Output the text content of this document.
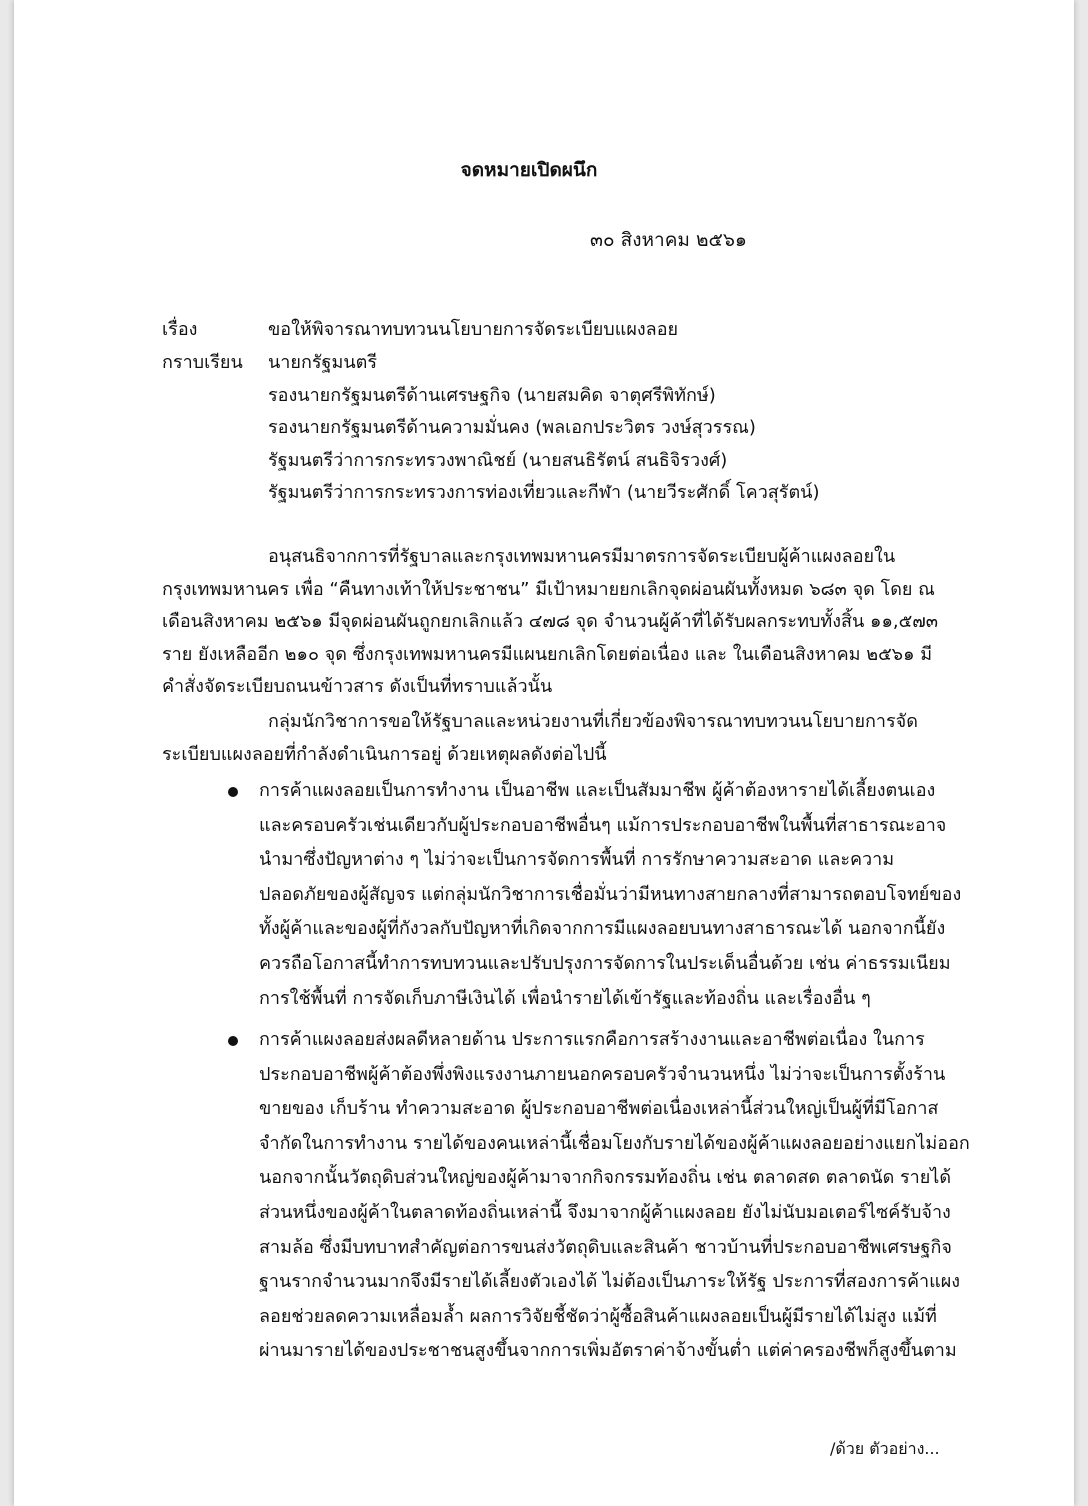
จดหมายเปิดผนึก
๓๐ สิงหาคม ๒๕๖๑
เรื่อง	ขอให้พิจารณาทบทวนนโยบายการจัดระเบียบแผงลอย
กราบเรียน นายกรัฐมนตรี
รองนายกรัฐมนตรีด้านเศรษฐกิจ (นายสมคิด จาตุศรีพิทักษ์)
รองนายกรัฐมนตรีด้านความมั่นคง (พลเอกประวิตร วงษ์สุวรรณ)
รัฐมนตรีว่าการกระทรวงพาณิชย์ (นายสนธิรัตน์ สนธิจิรวงศ์)
รัฐมนตรีว่าการกระทรวงการท่องเที่ยวและกีฬา (นายวีระศักดิ์ โควสุรัตน์)
อนุสนธิจากการที่รัฐบาลและกรุงเทพมหานครมีมาตรการจัดระเบียบผู้ค้าแผงลอยใน
กรุงเทพมหานคร เพื่อ “คืนทางเท้าให้ประชาชน” มีเป้าหมายยกเลิกจุดผ่อนผันทั้งหมด ๖๘๓ จุด โดย ณ
เดือนสิงหาคม ๒๕๖๑ มีจุดผ่อนผันถูกยกเลิกแล้ว ๔๗๘ จุด จำนวนผู้ค้าที่ได้รับผลกระทบทั้งสิ้น ๑๑,๕๗๓
ราย ยังเหลืออีก ๒๑๐ จุด ซึ่งกรุงเทพมหานครมีแผนยกเลิกโดยต่อเนื่อง และ ในเดือนสิงหาคม ๒๕๖๑ มี
คำสั่งจัดระเบียบถนนข้าวสาร ดังเป็นที่ทราบแล้วนั้น
กลุ่มนักวิชาการขอให้รัฐบาลและหน่วยงานที่เกี่ยวข้องพิจารณาทบทวนนโยบายการจัด
ระเบียบแผงลอยที่กำลังดำเนินการอยู่ ด้วยเหตุผลดังต่อไปนี้
การค้าแผงลอยเป็นการทำงาน เป็นอาชีพ และเป็นสัมมาชีพ ผู้ค้าต้องหารายได้เลี้ยงตนเอง
และครอบครัวเช่นเดียวกับผู้ประกอบอาชีพอื่นๆ แม้การประกอบอาชีพในพื้นที่สาธารณะอาจ
นำมาซึ่งปัญหาต่าง ๆ ไม่ว่าจะเป็นการจัดการพื้นที่ การรักษาความสะอาด และความ
ปลอดภัยของผู้สัญจร แต่กลุ่มนักวิชาการเชื่อมั่นว่ามีหนทางสายกลางที่สามารถตอบโจทย์ของ
ทั้งผู้ค้าและของผู้ที่กังวลกับปัญหาที่เกิดจากการมีแผงลอยบนทางสาธารณะได้ นอกจากนี้ยัง
ควรถือโอกาสนี้ทำการทบทวนและปรับปรุงการจัดการในประเด็นอื่นด้วย เช่น ค่าธรรมเนียม
การใช้พื้นที่ การจัดเก็บภาษีเงินได้ เพื่อนำรายได้เข้ารัฐและท้องถิ่น และเรื่องอื่น ๆ
การค้าแผงลอยส่งผลดีหลายด้าน ประการแรกคือการสร้างงานและอาชีพต่อเนื่อง ในการ
ประกอบอาชีพผู้ค้าต้องพึ่งพิงแรงงานภายนอกครอบครัวจำนวนหนึ่ง ไม่ว่าจะเป็นการตั้งร้าน
ขายของ เก็บร้าน ทำความสะอาด ผู้ประกอบอาชีพต่อเนื่องเหล่านี้ส่วนใหญ่เป็นผู้ที่มีโอกาส
จำกัดในการทำงาน รายได้ของคนเหล่านี้เชื่อมโยงกับรายได้ของผู้ค้าแผงลอยอย่างแยกไม่ออก
นอกจากนั้นวัตถุดิบส่วนใหญ่ของผู้ค้ามาจากกิจกรรมท้องถิ่น เช่น ตลาดสด ตลาดนัด รายได้
ส่วนหนึ่งของผู้ค้าในตลาดท้องถิ่นเหล่านี้ จึงมาจากผู้ค้าแผงลอย ยังไม่นับมอเตอร์ไซค์รับจ้าง
สามล้อ ซึ่งมีบทบาทสำคัญต่อการขนส่งวัตถุดิบและสินค้า ชาวบ้านที่ประกอบอาชีพเศรษฐกิจ
ฐานรากจำนวนมากจึงมีรายได้เลี้ยงตัวเองได้ ไม่ต้องเป็นภาระให้รัฐ ประการที่สองการค้าแผง
ลอยช่วยลดความเหลื่อมล้ำ ผลการวิจัยชี้ชัดว่าผู้ซื้อสินค้าแผงลอยเป็นผู้มีรายได้ไม่สูง แม้ที่
ผ่านมารายได้ของประชาชนสูงขึ้นจากการเพิ่มอัตราค่าจ้างขั้นต่ำ แต่ค่าครองชีพก็สูงขึ้นตาม
/ด้วย ตัวอย่าง...
